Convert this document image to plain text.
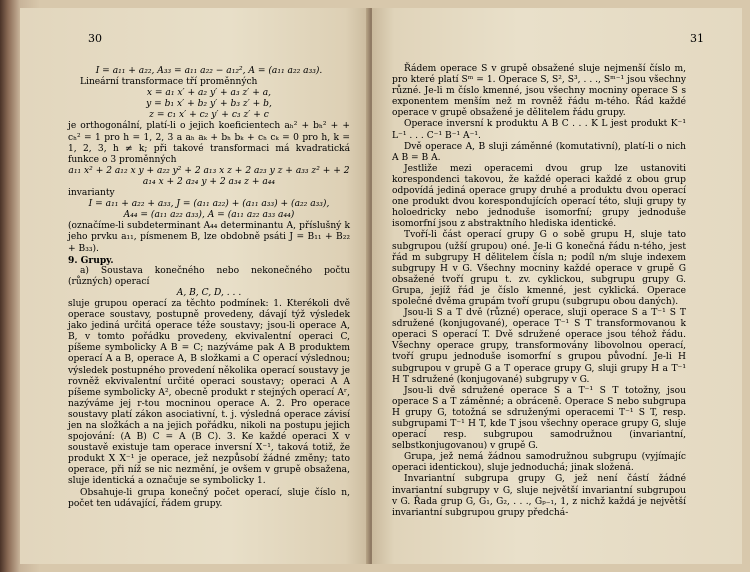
30	31

I = a₁₁ + a₂₂, A₃₃ = a₁₁ a₂₂ − a₁₂², A = (a₁₁ a₂₂ a₃₃).

Lineární transformace tří proměnných

x = a₁ x′ + a₂ y′ + a₃ z′ + a,

y = b₁ x′ + b₂ y′ + b₃ z′ + b,

z = c₁ x′ + c₂ y′ + c₃ z′ + c

je orthogonální, platí-li o jejich koeficientech aₕ² + bₕ² + + cₕ² = 1 pro h = 1, 2, 3 a aₕ aₖ + bₕ bₖ + cₕ cₖ = 0 pro h, k = 1, 2, 3, h ≠ k; při takové transformaci má kvadratická funkce o 3 proměnných

a₁₁ x² + 2 a₁₂ x y + a₂₂ y² + 2 a₁₃ x z + 2 a₂₃ y z + a₃₃ z² + + 2 a₁₄ x + 2 a₂₄ y + 2 a₃₄ z + a₄₄

invarianty

I = a₁₁ + a₂₂ + a₃₃, J = (a₁₁ a₂₂) + (a₁₁ a₃₃) + (a₂₂ a₃₃),

A₄₄ = (a₁₁ a₂₂ a₃₃), A = (a₁₁ a₂₂ a₃₃ a₄₄)

(označíme-li subdeterminant A₄₄ determinantu A, příslušný k jeho prvku a₁₁, písmenem B, lze obdobně psáti J = B₁₁ + B₂₂ + B₃₃).

9. Grupy.

a) Soustava konečného nebo nekonečného počtu (různých) operací

A, B, C, D, . . .

sluje grupou operací za těchto podmínek: 1. Kterékoli dvě operace soustavy, postupně provedeny, dávají týž výsledek jako jediná určitá operace téže soustavy; jsou-li operace A, B, v tomto pořádku provedeny, ekvivalentní operaci C, píšeme symbolicky A B = C; nazýváme pak A B produktem operací A a B, operace A, B složkami a C operací výslednou; výsledek postupného provedení několika operací soustavy je rovněž ekvivalentní určité operaci soustavy; operaci A A píšeme symbolicky A², obecně produkt r stejných operací Aʳ, nazýváme jej r-tou mocninou operace A. 2. Pro operace soustavy platí zákon asociativní, t. j. výsledná operace závisí jen na složkách a na jejich pořádku, nikoli na postupu jejich spojování: (A B) C = A (B C). 3. Ke každé operaci X v soustavě existuje tam operace inversní X⁻¹, taková totiž, že produkt X X⁻¹ je operace, jež nezpůsobí žádné změny; tato operace, při níž se nic nezmění, je ovšem v grupě obsažena, sluje identická a označuje se symbolicky 1.

Obsahuje-li grupa konečný počet operací, sluje číslo n, počet ten udávající, řádem grupy.

Řádem operace S v grupě obsažené sluje nejmenší číslo m, pro které platí Sᵐ = 1. Operace S, S², S³, . . ., Sᵐ⁻¹ jsou všechny různé. Je-li m číslo kmenné, jsou všechny mocniny operace S s exponentem menším než m rovněž řádu m-tého. Řád každé operace v grupě obsažené je dělitelem řádu grupy.

Operace inversní k produktu A B C . . . K L jest produkt K⁻¹ L⁻¹ . . . C⁻¹ B⁻¹ A⁻¹.

Dvě operace A, B sluji záměnné (komutativní), platí-li o nich A B = B A.

Jestliže mezi operacemi dvou grup lze ustanoviti korespondenci takovou, že každé operaci každé z obou grup odpovídá jediná operace grupy druhé a produktu dvou operací one produkt dvou korespondujících operací této, sluji grupy ty holoedricky nebo jednoduše isomorfní; grupy jednoduše isomorfní jsou z abstraktního hlediska identické.

Tvoří-li část operací grupy G o sobě grupu H, sluje tato subgrupou (užší grupou) oné. Je-li G konečná řádu n-tého, jest řád m subgrupy H dělitelem čísla n; podíl n/m sluje indexem subgrupy H v G. Všechny mocniny každé operace v grupě G obsažené tvoří grupu t. zv. cyklickou, subgrupu grupy G. Grupa, jejíž řád je číslo kmenné, jest cyklická. Operace společné dvěma grupám tvoří grupu (subgrupu obou daných).

Jsou-li S a T dvě (různé) operace, sluji operace S a T⁻¹ S T sdružené (konjugované), operace T⁻¹ S T transformovanou k operaci S operací T. Dvě sdružené operace jsou téhož řádu. Všechny operace grupy, transformovány libovolnou operací, tvoří grupu jednoduše isomorfní s grupou původní. Je-li H subgrupou v grupě G a T operace grupy G, sluji grupy H a T⁻¹ H T sdružené (konjugované) subgrupy v G.

Jsou-li dvě sdružené operace S a T⁻¹ S T totožny, jsou operace S a T záměnné; a obráceně. Operace S nebo subgrupa H grupy G, totožná se sdruženými operacemi T⁻¹ S T, resp. subgrupami T⁻¹ H T, kde T jsou všechny operace grupy G, sluje operací resp. subgrupou samodružnou (invariantní, selbstkonjugovanou) v grupě G.

Grupa, jež nemá žádnou samodružnou subgrupu (vyjímajíc operaci identickou), sluje jednoduchá; jinak složená.

Invariantní subgrupa grupy G, jež není částí žádné invariantní subgrupy v G, sluje největší invariantní subgrupou v G. Řada grup G, G₁, G₂, . . ., Gₚ₋₁, 1, z nichž každá je největší invariantní subgrupou grupy předchá-
